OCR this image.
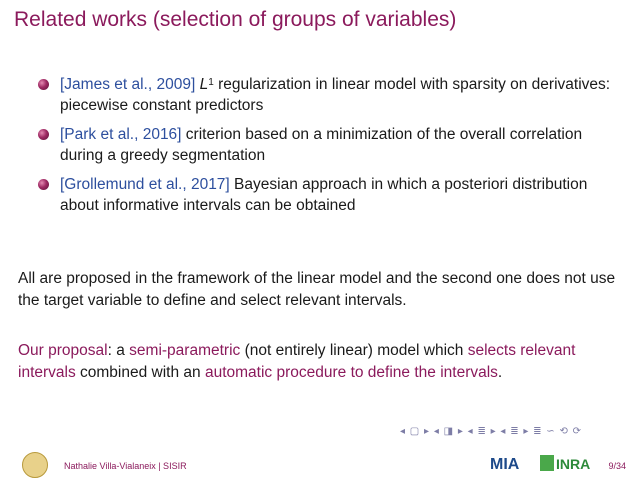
Related works (selection of groups of variables)
[James et al., 2009] $L^1$ regularization in linear model with sparsity on derivatives: piecewise constant predictors
[Park et al., 2016] criterion based on a minimization of the overall correlation during a greedy segmentation
[Grollemund et al., 2017] Bayesian approach in which a posteriori distribution about informative intervals can be obtained
All are proposed in the framework of the linear model and the second one does not use the target variable to define and select relevant intervals.
Our proposal: a semi-parametric (not entirely linear) model which selects relevant intervals combined with an automatic procedure to define the intervals.
◂ ▢ ▸ ◂ ◨ ▸ ◂ ≣ ▸ ◂ ≣ ▸ ≣ ∽ ⟲ ⟳
Nathalie Villa-Vialaneix | SISIR	MIA	INRA 9/34
